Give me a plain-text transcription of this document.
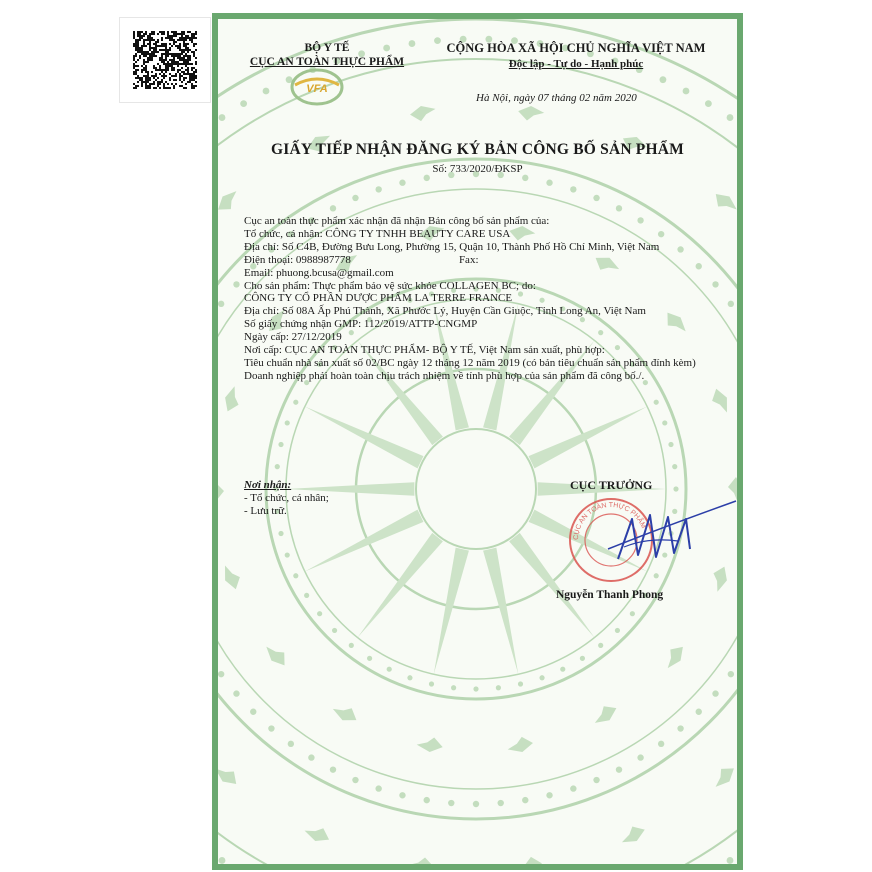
BỘ Y TẾ
CỤC AN TOÀN THỰC PHẨM
VFA
CỘNG HÒA XÃ HỘI CHỦ NGHĨA VIỆT NAM
Độc lập - Tự do - Hạnh phúc
Hà Nội, ngày 07 tháng 02 năm 2020
GIẤY TIẾP NHẬN ĐĂNG KÝ BẢN CÔNG BỐ SẢN PHẨM
Số: 733/2020/ĐKSP

Cục an toàn thực phẩm xác nhận đã nhận Bản công bố sản phẩm của:

Tổ chức, cá nhân: CÔNG TY TNHH BEAUTY CARE USA

Địa chỉ: Số C4B, Đường Bưu Long, Phường 15, Quận 10, Thành Phố Hồ Chí Minh, Việt Nam

Điện thoại: 0988987778	Fax:

Email: phuong.bcusa@gmail.com

Cho sản phẩm: Thực phẩm bảo vệ sức khỏe COLLAGEN BC; do:

CÔNG TY CỔ PHẦN DƯỢC PHẨM LA TERRE FRANCE

Địa chỉ: Số 08A Ấp Phú Thành, Xã Phước Lý, Huyện Cần Giuộc, Tỉnh Long An, Việt Nam

Số giấy chứng nhận GMP: 112/2019/ATTP-CNGMP

Ngày cấp: 27/12/2019

Nơi cấp: CỤC AN TOÀN THỰC PHẨM- BỘ Y TẾ, Việt Nam sản xuất, phù hợp:

Tiêu chuẩn nhà sản xuất số 02/BC ngày 12 tháng 12 năm 2019 (có bản tiêu chuẩn sản phẩm đính kèm)

Doanh nghiệp phải hoàn toàn chịu trách nhiệm về tính phù hợp của sản phẩm đã công bố./.

Nơi nhận:
- Tổ chức, cá nhân;
- Lưu trữ.
CỤC TRƯỞNG
CỤC AN TOÀN THỰC PHẨM
Nguyễn Thanh Phong
